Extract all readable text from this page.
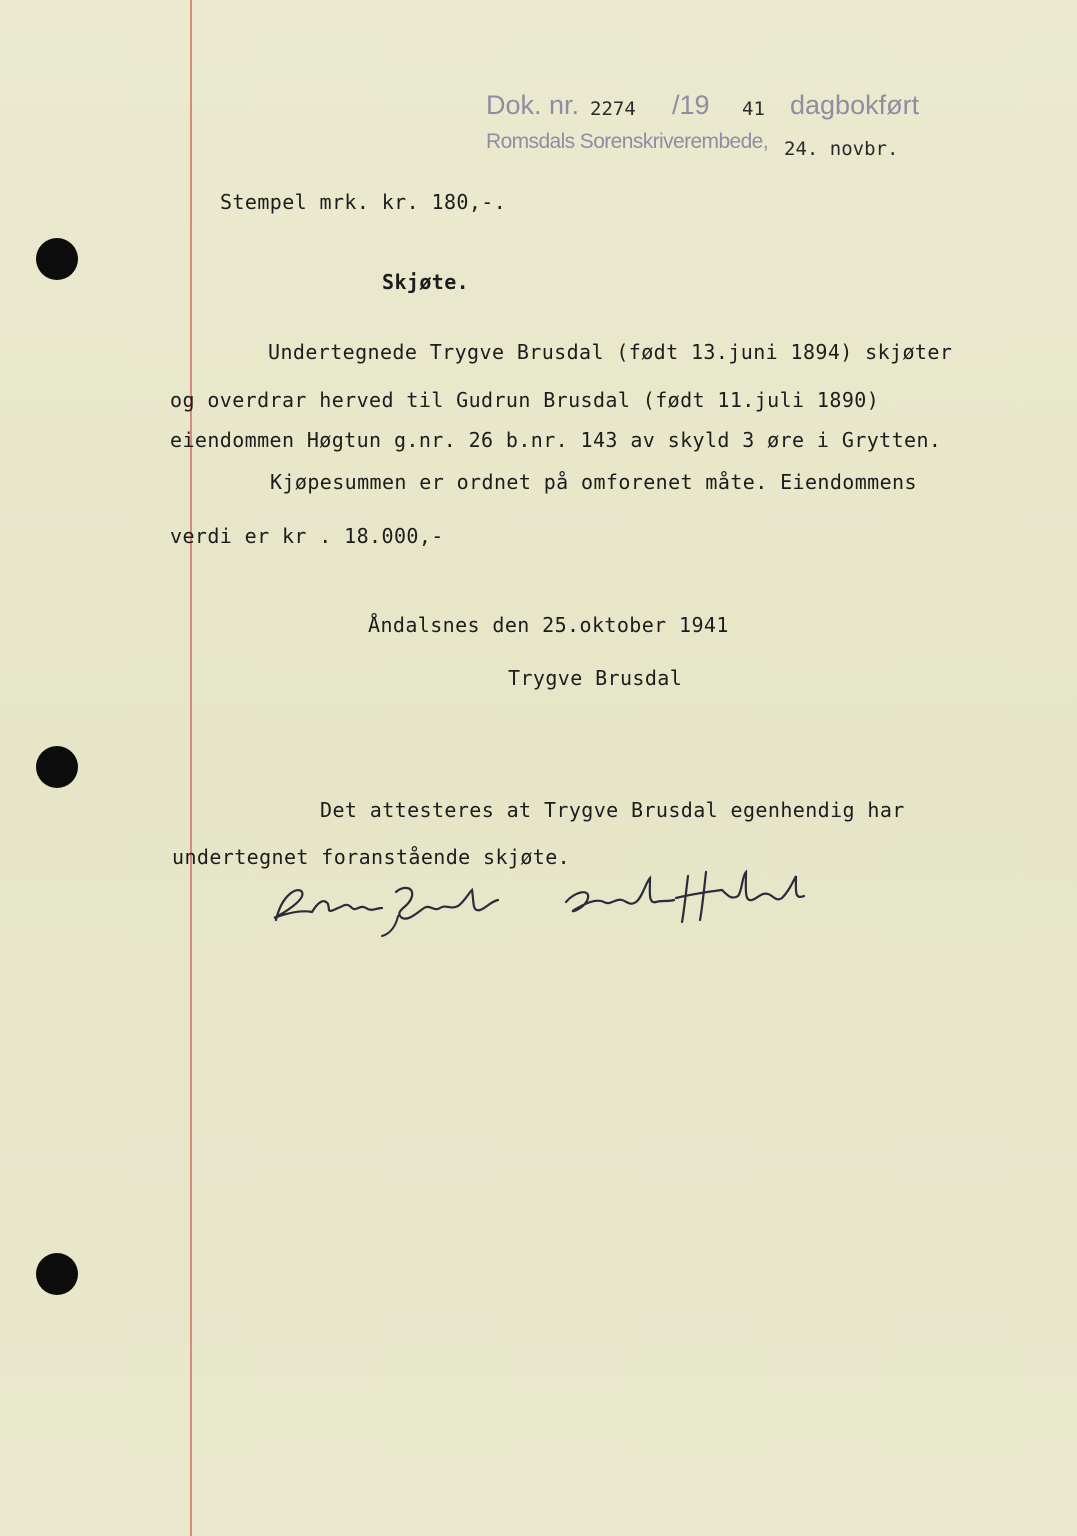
Dok. nr. 2274 /19 41 dagbokført
Romsdals Sorenskriverembede, 24. novbr.
Stempel mrk. kr. 180,-.
Skjøte.
Undertegnede Trygve Brusdal (født 13.juni 1894) skjøter
og overdrar herved til Gudrun Brusdal (født 11.juli 1890)
eiendommen Høgtun g.nr. 26 b.nr. 143 av skyld 3 øre i Grytten.
Kjøpesummen er ordnet på omforenet måte. Eiendommens
verdi er kr . 18.000,-
Åndalsnes den 25.oktober 1941
Trygve Brusdal
Det attesteres at Trygve Brusdal egenhendig har
undertegnet foranstående skjøte.
